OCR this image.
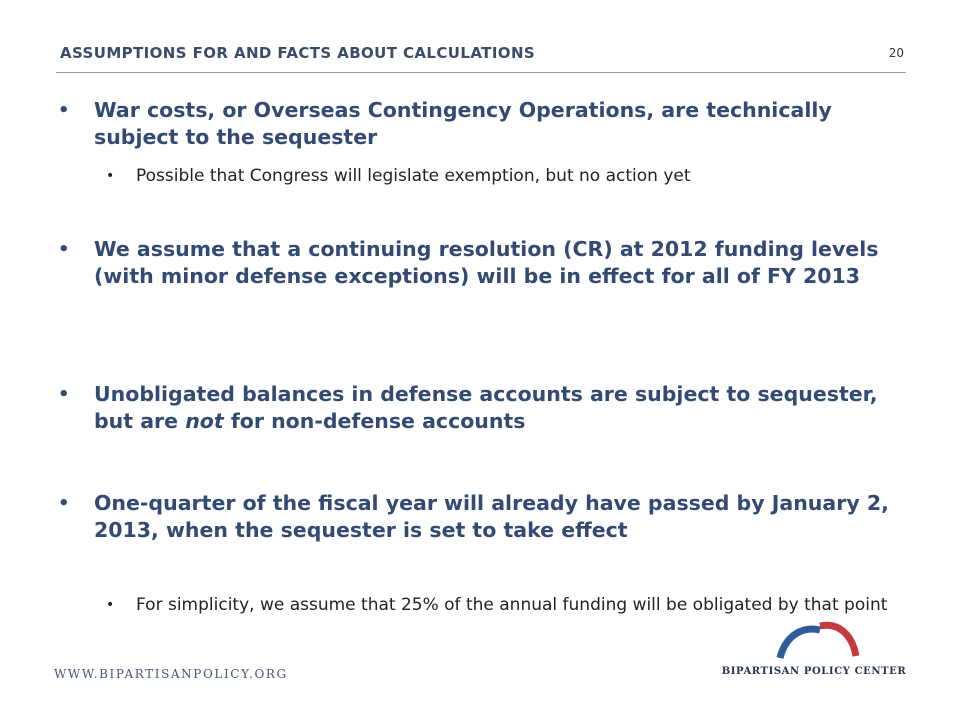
ASSUMPTIONS FOR AND FACTS ABOUT CALCULATIONS	20
• War costs, or Overseas Contingency Operations, are technically subject to the sequester
• Possible that Congress will legislate exemption, but no action yet
• We assume that a continuing resolution (CR) at 2012 funding levels (with minor defense exceptions) will be in effect for all of FY 2013
• Unobligated balances in defense accounts are subject to sequester, but are not for non-defense accounts
• One-quarter of the fiscal year will already have passed by January 2, 2013, when the sequester is set to take effect
• For simplicity, we assume that 25% of the annual funding will be obligated by that point
WWW.BIPARTISANPOLICY.ORG	BIPARTISAN POLICY CENTER
